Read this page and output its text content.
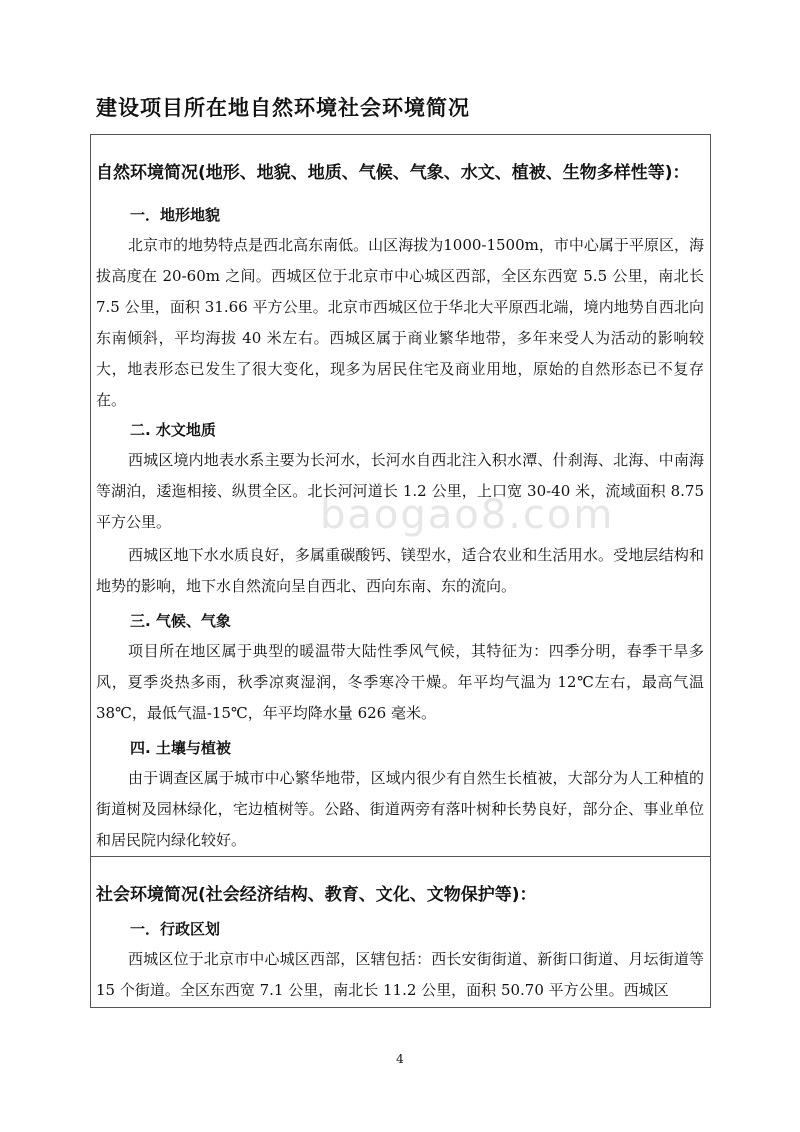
建设项目所在地自然环境社会环境简况
baogao8.com
自然环境简况(地形、地貌、地质、气候、气象、水文、植被、生物多样性等)：
一．地形地貌

北京市的地势特点是西北高东南低。山区海拔为1000-1500m，市中心属于平原区，海拔高度在 20-60m 之间。西城区位于北京市中心城区西部，全区东西宽 5.5 公里，南北长 7.5 公里，面积 31.66 平方公里。北京市西城区位于华北大平原西北端，境内地势自西北向东南倾斜，平均海拔 40 米左右。西城区属于商业繁华地带，多年来受人为活动的影响较大，地表形态已发生了很大变化，现多为居民住宅及商业用地，原始的自然形态已不复存在。

二. 水文地质

西城区境内地表水系主要为长河水，长河水自西北注入积水潭、什刹海、北海、中南海等湖泊，逶迤相接、纵贯全区。北长河河道长 1.2 公里，上口宽 30-40 米，流域面积 8.75 平方公里。

西城区地下水水质良好，多属重碳酸钙、镁型水，适合农业和生活用水。受地层结构和地势的影响，地下水自然流向呈自西北、西向东南、东的流向。

三. 气候、气象

项目所在地区属于典型的暖温带大陆性季风气候，其特征为：四季分明，春季干旱多风，夏季炎热多雨，秋季凉爽湿润，冬季寒冷干燥。年平均气温为 12℃左右，最高气温 38℃，最低气温-15℃，年平均降水量 626 毫米。

四. 土壤与植被

由于调查区属于城市中心繁华地带，区域内很少有自然生长植被，大部分为人工种植的街道树及园林绿化，宅边植树等。公路、街道两旁有落叶树种长势良好，部分企、事业单位和居民院内绿化较好。

社会环境简况(社会经济结构、教育、文化、文物保护等)：
一．行政区划

西城区位于北京市中心城区西部，区辖包括：西长安街街道、新街口街道、月坛街道等 15 个街道。全区东西宽 7.1 公里，南北长 11.2 公里，面积 50.70 平方公里。西城区

4
